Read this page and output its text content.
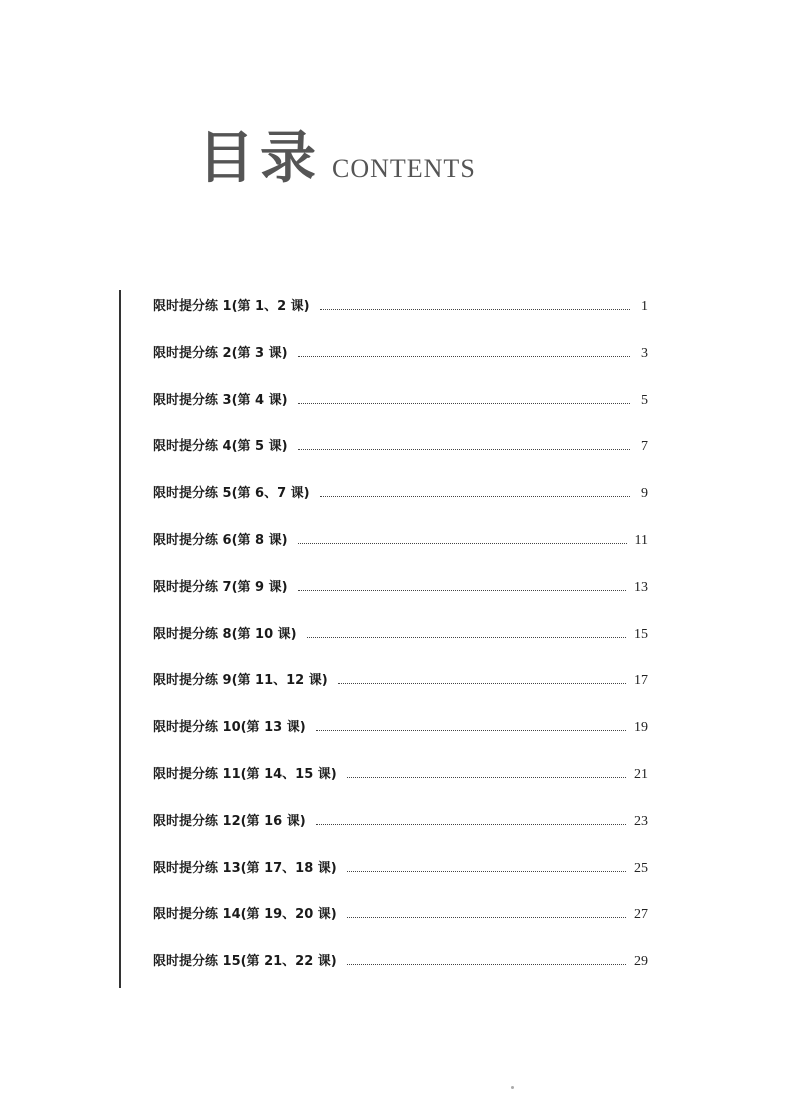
目录 CONTENTS
限时提分练 1(第 1、2 课)	1
限时提分练 2(第 3 课)	3
限时提分练 3(第 4 课)	5
限时提分练 4(第 5 课)	7
限时提分练 5(第 6、7 课)	9
限时提分练 6(第 8 课)	11
限时提分练 7(第 9 课)	13
限时提分练 8(第 10 课)	15
限时提分练 9(第 11、12 课)	17
限时提分练 10(第 13 课)	19
限时提分练 11(第 14、15 课)	21
限时提分练 12(第 16 课)	23
限时提分练 13(第 17、18 课)	25
限时提分练 14(第 19、20 课)	27
限时提分练 15(第 21、22 课)	29
